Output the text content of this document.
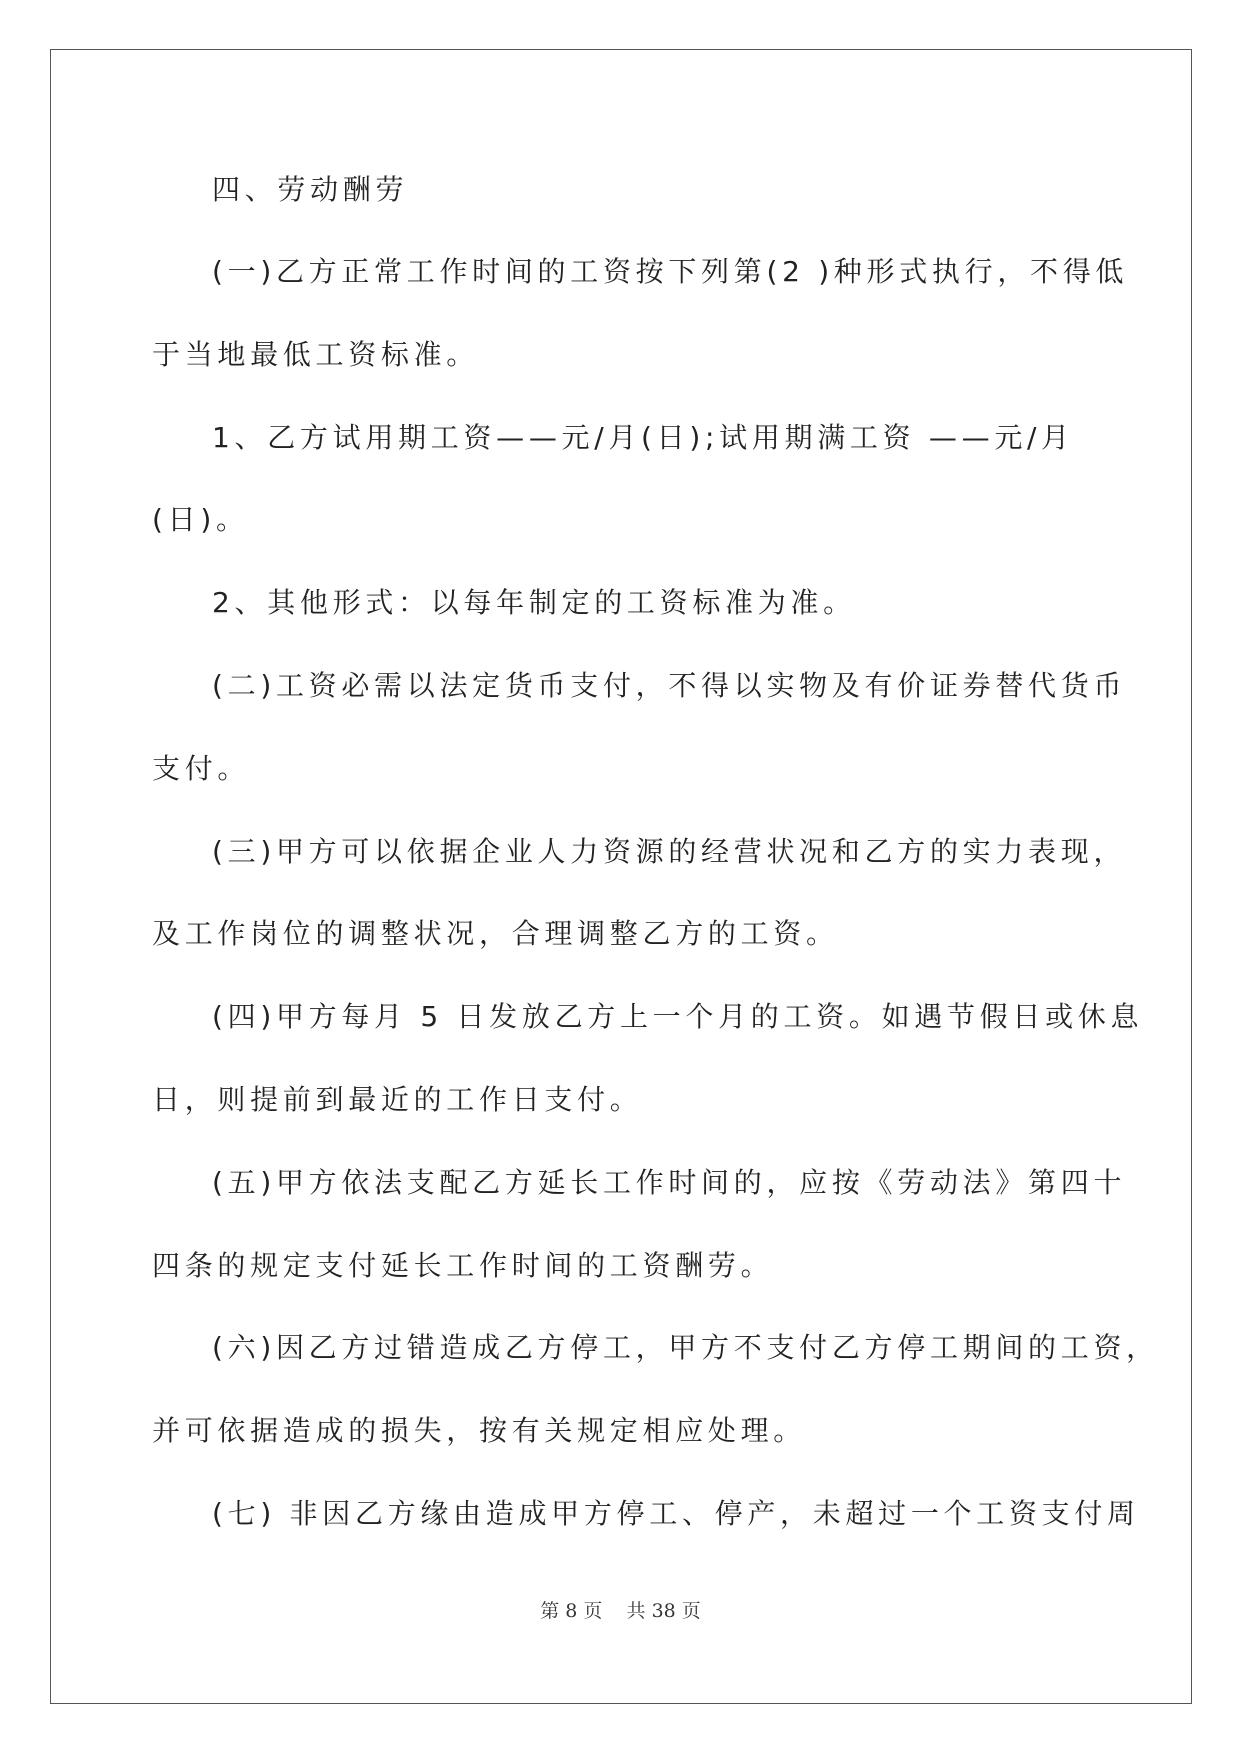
四、劳动酬劳
(一)乙方正常工作时间的工资按下列第(2 )种形式执行，不得低
于当地最低工资标准。
1、乙方试用期工资——元/月(日);试用期满工资 ——元/月
(日)。
2、其他形式：以每年制定的工资标准为准。
(二)工资必需以法定货币支付，不得以实物及有价证券替代货币
支付。
(三)甲方可以依据企业人力资源的经营状况和乙方的实力表现，
及工作岗位的调整状况，合理调整乙方的工资。
(四)甲方每月 5 日发放乙方上一个月的工资。如遇节假日或休息
日，则提前到最近的工作日支付。
(五)甲方依法支配乙方延长工作时间的，应按《劳动法》第四十
四条的规定支付延长工作时间的工资酬劳。
(六)因乙方过错造成乙方停工，甲方不支付乙方停工期间的工资，
并可依据造成的损失，按有关规定相应处理。
(七) 非因乙方缘由造成甲方停工、停产，未超过一个工资支付周
第 8 页    共 38 页
